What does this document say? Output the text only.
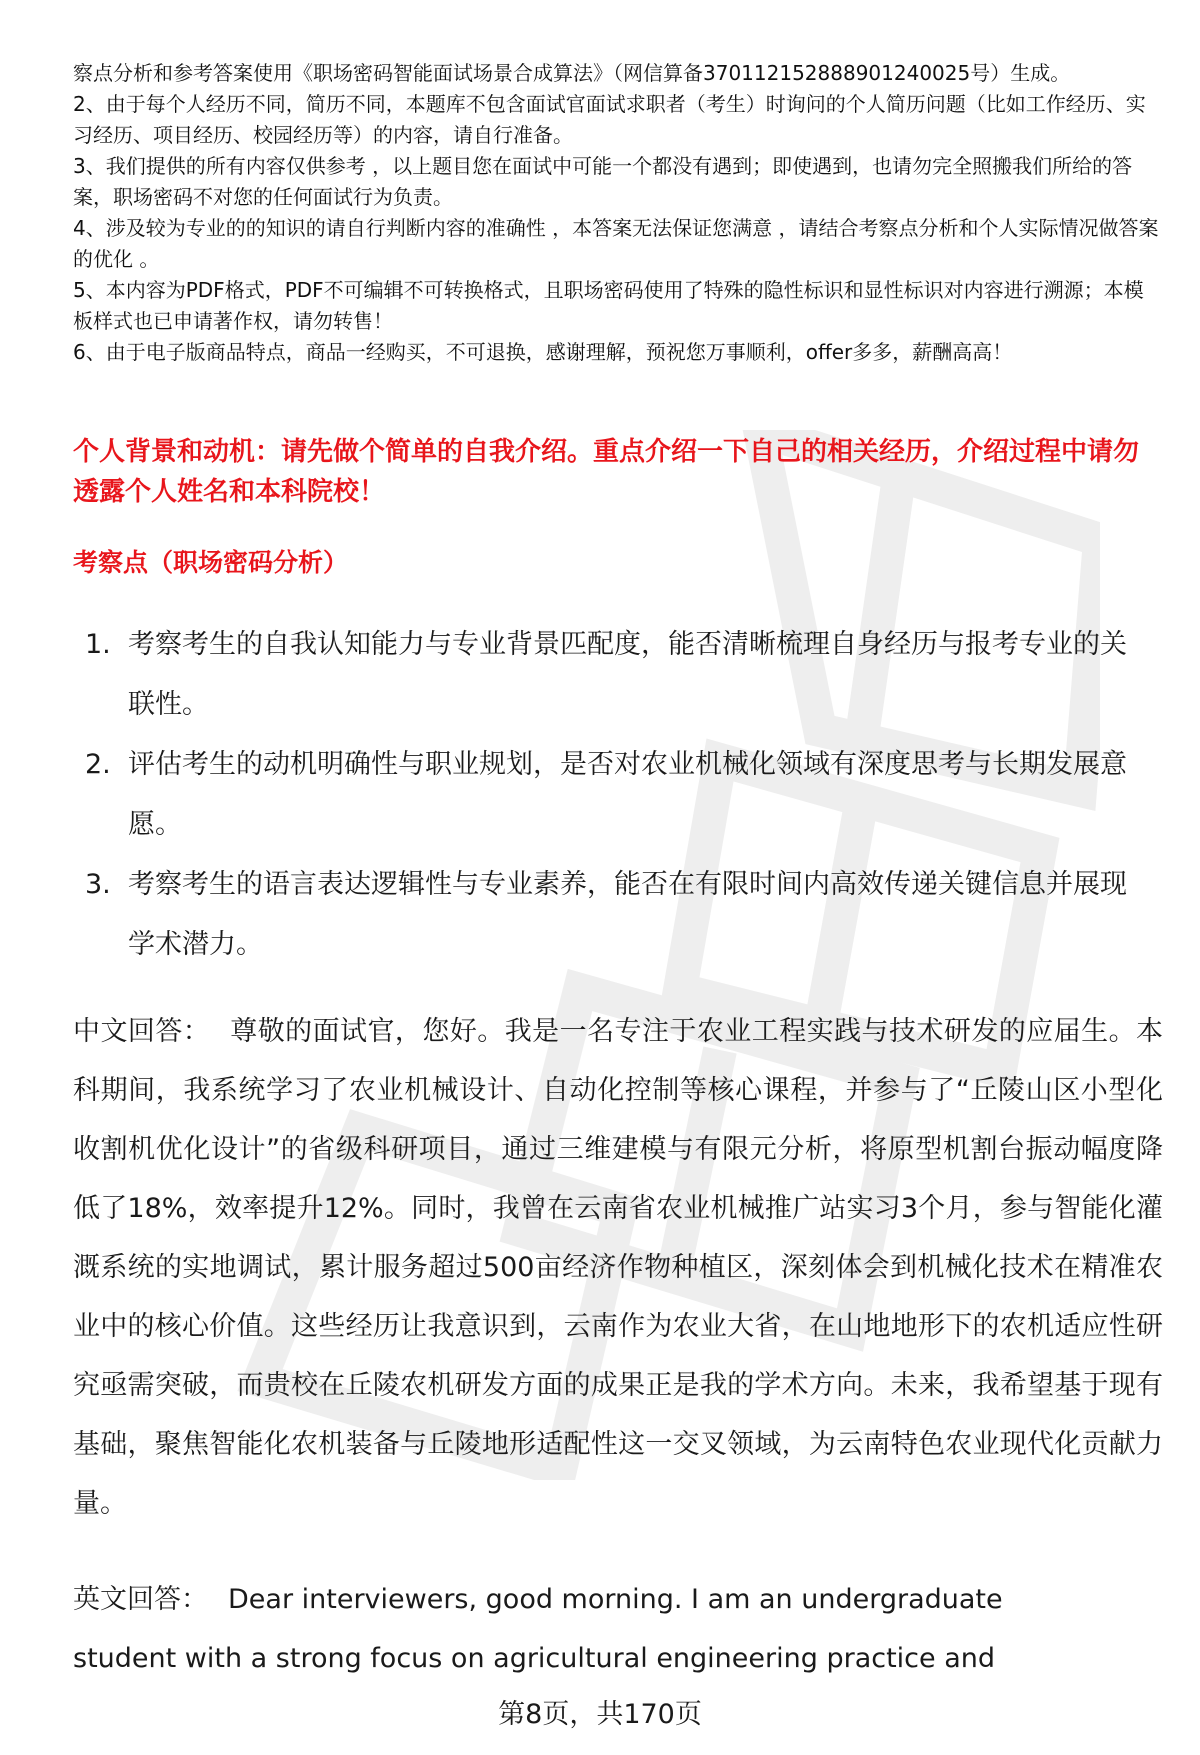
职场密码出品

察点分析和参考答案使用《职场密码智能面试场景合成算法》（网信算备370112152888901240025号）生成。

2、由于每个人经历不同，简历不同，本题库不包含面试官面试求职者（考生）时询问的个人简历问题（比如工作经历、实习经历、项目经历、校园经历等）的内容，请自行准备。

3、我们提供的所有内容仅供参考 ，以上题目您在面试中可能一个都没有遇到；即使遇到，也请勿完全照搬我们所给的答案，职场密码不对您的任何面试行为负责。

4、涉及较为专业的的知识的请自行判断内容的准确性 ，本答案无法保证您满意 ，请结合考察点分析和个人实际情况做答案的优化 。

5、本内容为PDF格式，PDF不可编辑不可转换格式，且职场密码使用了特殊的隐性标识和显性标识对内容进行溯源；本模板样式也已申请著作权，请勿转售！

6、由于电子版商品特点，商品一经购买，不可退换，感谢理解，预祝您万事顺利，offer多多，薪酬高高！

个人背景和动机：请先做个简单的自我介绍。重点介绍一下自己的相关经历，介绍过程中请勿透露个人姓名和本科院校！
考察点（职场密码分析）
1. 考察考生的自我认知能力与专业背景匹配度，能否清晰梳理自身经历与报考专业的关联性。
2. 评估考生的动机明确性与职业规划，是否对农业机械化领域有深度思考与长期发展意愿。
3. 考察考生的语言表达逻辑性与专业素养，能否在有限时间内高效传递关键信息并展现学术潜力。

中文回答： 尊敬的面试官，您好。我是一名专注于农业工程实践与技术研发的应届生。本科期间，我系统学习了农业机械设计、自动化控制等核心课程，并参与了“丘陵山区小型化收割机优化设计”的省级科研项目，通过三维建模与有限元分析，将原型机割台振动幅度降低了18%，效率提升12%。同时，我曾在云南省农业机械推广站实习3个月，参与智能化灌溉系统的实地调试，累计服务超过500亩经济作物种植区，深刻体会到机械化技术在精准农业中的核心价值。这些经历让我意识到，云南作为农业大省，在山地地形下的农机适应性研究亟需突破，而贵校在丘陵农机研发方面的成果正是我的学术方向。未来，我希望基于现有基础，聚焦智能化农机装备与丘陵地形适配性这一交叉领域，为云南特色农业现代化贡献力量。

英文回答： Dear interviewers, good morning. I am an undergraduate student with a strong focus on agricultural engineering practice and

第8页，共170页
